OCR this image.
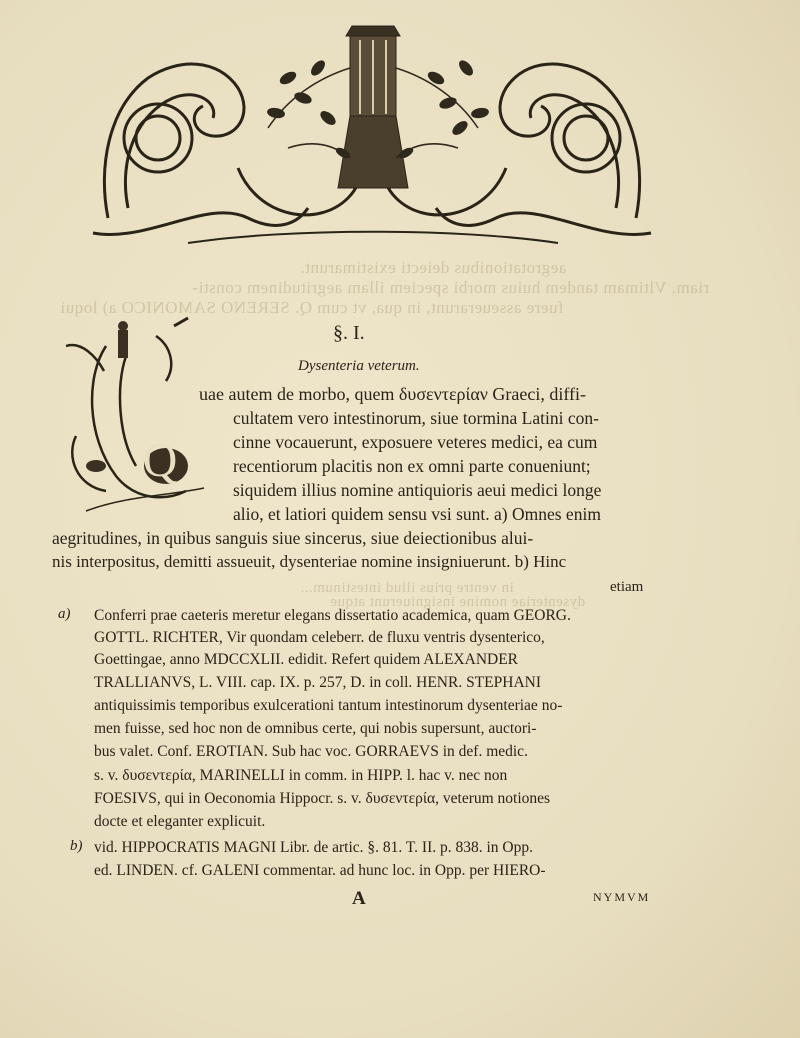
aegrotationibus deiecti existimarunt.
riam. Vltimam tandem huius morbi speciem illam aegritudinem consti-
fuere asseuerarunt, in qua, vt cum Q. SERENO SAMONICO a) loqui
in ventre prius illud intestinum...
dysenteriae nomine insigniuerunt atque
§. I.
Dysenteria veterum.
Q
uae autem de morbo, quem δυσεντερίαν Graeci, diffi-
cultatem vero intestinorum, siue tormina Latini con-
cinne vocauerunt, exposuere veteres medici, ea cum
recentiorum placitis non ex omni parte conueniunt;
siquidem illius nomine antiquioris aeui medici longe
alio, et latiori quidem sensu vsi sunt. a) Omnes enim
aegritudines, in quibus sanguis siue sincerus, siue deiectionibus alui-
nis interpositus, demitti assueuit, dysenteriae nomine insigniuerunt. b) Hinc
etiam
a) Conferri prae caeteris meretur elegans dissertatio academica, quam GEORG.
GOTTL. RICHTER, Vir quondam celeberr. de fluxu ventris dysenterico,
Goettingae, anno MDCCXLII. edidit. Refert quidem ALEXANDER
TRALLIANVS, L. VIII. cap. IX. p. 257, D. in coll. HENR. STEPHANI
antiquissimis temporibus exulcerationi tantum intestinorum dysenteriae no-
men fuisse, sed hoc non de omnibus certe, qui nobis supersunt, auctori-
bus valet. Conf. EROTIAN. Sub hac voc. GORRAEVS in def. medic.
s. v. δυσεντερία, MARINELLI in comm. in HIPP. l. hac v. nec non
FOESIVS, qui in Oeconomia Hippocr. s. v. δυσεντερία, veterum notiones
docte et eleganter explicuit.
b) vid. HIPPOCRATIS MAGNI Libr. de artic. §. 81. T. II. p. 838. in Opp.
ed. LINDEN. cf. GALENI commentar. ad hunc loc. in Opp. per HIERO-
A	NYMVM
